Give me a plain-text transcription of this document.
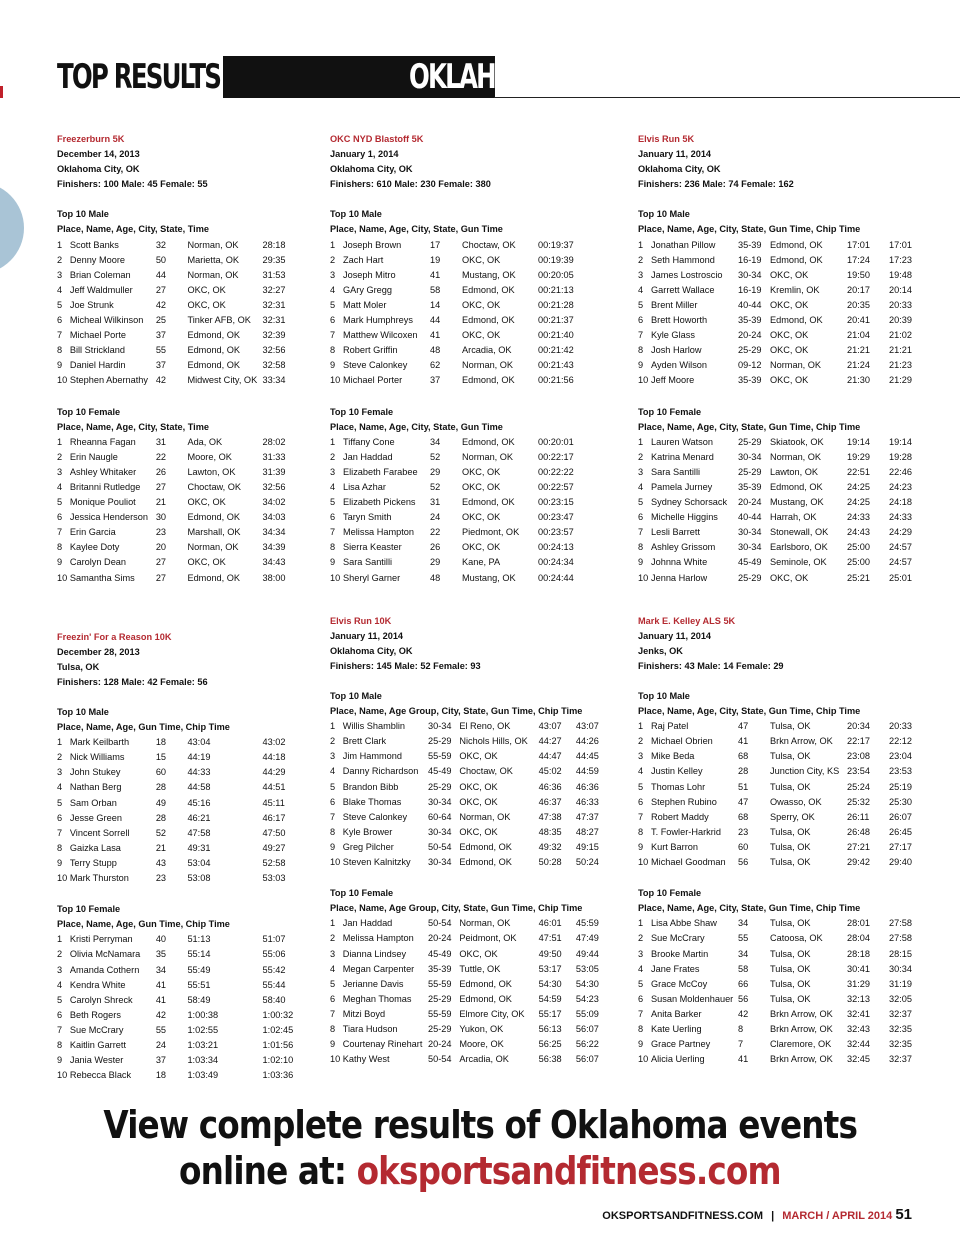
TOP RESULTS	OKLAHOMA EVENTS
Freezerburn 5K
December 14, 2013
Oklahoma City, OK
Finishers: 100 Male: 45 Female: 55
Top 10 Male
Place, Name, Age, City, State, Time
1 Scott Banks	32	Norman, OK	28:18
2 Denny Moore	50	Marietta, OK	29:35
3 Brian Coleman	44	Norman, OK	31:53
4 Jeff Waldmuller	27	OKC, OK	32:27
5 Joe Strunk	42	OKC, OK	32:31
6 Micheal Wilkinson	25	Tinker AFB, OK	32:31
7 Michael Porte	37	Edmond, OK	32:39
8 Bill Strickland	55	Edmond, OK	32:56
9 Daniel Hardin	37	Edmond, OK	32:58
10 Stephen Abernathy 42	Midwest City, OK 33:34
Top 10 Female
Place, Name, Age, City, State, Time
1 Rheanna Fagan	31	Ada, OK	28:02
2 Erin Naugle	22	Moore, OK	31:33
3 Ashley Whitaker	26	Lawton, OK	31:39
4 Britanni Rutledge	27	Choctaw, OK	32:56
5 Monique Pouliot	21	OKC, OK	34:02
6 Jessica Henderson 30	Edmond, OK	34:03
7 Erin Garcia	23	Marshall, OK	34:34
8 Kaylee Doty	20	Norman, OK	34:39
9 Carolyn Dean	27	OKC, OK	34:43
10 Samantha Sims	27	Edmond, OK	38:00
Freezin' For a Reason 10K
December 28, 2013
Tulsa, OK
Finishers: 128 Male: 42 Female: 56
Top 10 Male
Place, Name, Age, Gun Time, Chip Time
1 Mark Keilbarth	18	43:04	43:02
2 Nick Williams	15	44:19	44:18
3 John Stukey	60	44:33	44:29
4 Nathan Berg	28	44:58	44:51
5 Sam Orban	49	45:16	45:11
6 Jesse Green	28	46:21	46:17
7 Vincent Sorrell	52	47:58	47:50
8 Gaizka Lasa	21	49:31	49:27
9 Terry Stupp	43	53:04	52:58
10 Mark Thurston	23	53:08	53:03
Top 10 Female
Place, Name, Age, Gun Time, Chip Time
1 Kristi Perryman	40	51:13	51:07
2 Olivia McNamara	35	55:14	55:06
3 Amanda Cothern	34	55:49	55:42
4 Kendra White	41	55:51	55:44
5 Carolyn Shreck	41	58:49	58:40
6 Beth Rogers	42	1:00:38	1:00:32
7 Sue McCrary	55	1:02:55	1:02:45
8 Kaitlin Garrett	24	1:03:21	1:01:56
9 Jania Wester	37	1:03:34	1:02:10
10 Rebecca Black	18	1:03:49	1:03:36
OKC NYD Blastoff 5K
January 1, 2014
Oklahoma City, OK
Finishers: 610 Male: 230 Female: 380
Top 10 Male
Place, Name, Age, City, State, Gun Time
1 Joseph Brown	17	Choctaw, OK	00:19:37
2 Zach Hart	19	OKC, OK	00:19:39
3 Joseph Mitro	41	Mustang, OK	00:20:05
4 GAry Gregg	58	Edmond, OK	00:21:13
5 Matt Moler	14	OKC, OK	00:21:28
6 Mark Humphreys	44	Edmond, OK	00:21:37
7 Matthew Wilcoxen	41	OKC, OK	00:21:40
8 Robert Griffin	48	Arcadia, OK	00:21:42
9 Steve Calonkey	62	Norman, OK	00:21:43
10 Michael Porter	37	Edmond, OK	00:21:56
Top 10 Female
Place, Name, Age, City, State, Gun Time
1 Tiffany Cone	34	Edmond, OK	00:20:01
2 Jan Haddad	52	Norman, OK	00:22:17
3 Elizabeth Farabee	29	OKC, OK	00:22:22
4 Lisa Azhar	52	OKC, OK	00:22:57
5 Elizabeth Pickens	31	Edmond, OK	00:23:15
6 Taryn Smith	24	OKC, OK	00:23:47
7 Melissa Hampton	22	Piedmont, OK	00:23:57
8 Sierra Keaster	26	OKC, OK	00:24:13
9 Sara Santilli	29	Kane, PA	00:24:34
10 Sheryl Garner	48	Mustang, OK	00:24:44
Elvis Run 10K
January 11, 2014
Oklahoma City, OK
Finishers: 145 Male: 52 Female: 93
Top 10 Male
Place, Name, Age Group, City, State, Gun Time, Chip Time
1 Willis Shamblin	30-34 El Reno, OK	43:07	43:07
2 Brett Clark	25-29 Nichols Hills, OK	44:27	44:26
3 Jim Hammond	55-59 OKC, OK	44:47	44:45
4 Danny Richardson	45-49 Choctaw, OK	45:02	44:59
5 Brandon Bibb	25-29 OKC, OK	46:36	46:36
6 Blake Thomas	30-34 OKC, OK	46:37	46:33
7 Steve Calonkey	60-64 Norman, OK	47:38	47:37
8 Kyle Brower	30-34 OKC, OK	48:35	48:27
9 Greg Pilcher	50-54 Edmond, OK	49:32	49:15
10 Steven Kalnitzky	30-34 Edmond, OK	50:28	50:24
Top 10 Female
Place, Name, Age Group, City, State, Gun Time, Chip Time
1 Jan Haddad	50-54 Norman, OK	46:01	45:59
2 Melissa Hampton	20-24 Peidmont, OK	47:51	47:49
3 Dianna Lindsey	45-49 OKC, OK	49:50	49:44
4 Megan Carpenter	35-39 Tuttle, OK	53:17	53:05
5 Jerianne Davis	55-59 Edmond, OK	54:30	54:30
6 Meghan Thomas	25-29 Edmond, OK	54:59	54:23
7 Mitzi Boyd	55-59 Elmore City, OK	55:17	55:09
8 Tiara Hudson	25-29 Yukon, OK	56:13	56:07
9 Courtenay Rinehart 20-24 Moore, OK	56:25	56:22
10 Kathy West	50-54 Arcadia, OK	56:38	56:07
Elvis Run 5K
January 11, 2014
Oklahoma City, OK
Finishers: 236 Male: 74 Female: 162
Top 10 Male
Place, Name, Age, City, State, Gun Time, Chip Time
1 Jonathan Pillow	35-39 Edmond, OK	17:01	17:01
2 Seth Hammond	16-19 Edmond, OK	17:24	17:23
3 James Lostroscio	30-34 OKC, OK	19:50	19:48
4 Garrett Wallace	16-19 Kremlin, OK	20:17	20:14
5 Brent Miller	40-44 OKC, OK	20:35	20:33
6 Brett Howorth	35-39 Edmond, OK	20:41	20:39
7 Kyle Glass	20-24 OKC, OK	21:04	21:02
8 Josh Harlow	25-29 OKC, OK	21:21	21:21
9 Ayden Wilson	09-12 Norman, OK	21:24	21:23
10 Jeff Moore	35-39 OKC, OK	21:30	21:29
Top 10 Female
Place, Name, Age, City, State, Gun Time, Chip Time
1 Lauren Watson	25-29 Skiatook, OK	19:14	19:14
2 Katrina Menard	30-34 Norman, OK	19:29	19:28
3 Sara Santilli	25-29 Lawton, OK	22:51	22:46
4 Pamela Jurney	35-39 Edmond, OK	24:25	24:23
5 Sydney Schorsack	20-24 Mustang, OK	24:25	24:18
6 Michelle Higgins	40-44 Harrah, OK	24:33	24:33
7 Lesli Barrett	30-34 Stonewall, OK	24:43	24:29
8 Ashley Grissom	30-34 Earlsboro, OK	25:00	24:57
9 Johnna White	45-49 Seminole, OK	25:00	24:57
10 Jenna Harlow	25-29 OKC, OK	25:21	25:01
Mark E. Kelley ALS 5K
January 11, 2014
Jenks, OK
Finishers: 43 Male: 14 Female: 29
Top 10 Male
Place, Name, Age, City, State, Gun Time, Chip Time
1 Raj Patel	47	Tulsa, OK	20:34	20:33
2 Michael Obrien	41	Brkn Arrow, OK	22:17	22:12
3 Mike Beda	68	Tulsa, OK	23:08	23:04
4 Justin Kelley	28	Junction City, KS 23:54	23:53
5 Thomas Lohr	51	Tulsa, OK	25:24	25:19
6 Stephen Rubino	47	Owasso, OK	25:32	25:30
7 Robert Maddy	68	Sperry, OK	26:11	26:07
8 T. Fowler-Harkrid	23	Tulsa, OK	26:48	26:45
9 Kurt Barron	60	Tulsa, OK	27:21	27:17
10 Michael Goodman	56	Tulsa, OK	29:42	29:40
Top 10 Female
Place, Name, Age, City, State, Gun Time, Chip Time
1 Lisa Abbe Shaw	34	Tulsa, OK	28:01	27:58
2 Sue McCrary	55	Catoosa, OK	28:04	27:58
3 Brooke Martin	34	Tulsa, OK	28:18	28:15
4 Jane Frates	58	Tulsa, OK	30:41	30:34
5 Grace McCoy	66	Tulsa, OK	31:29	31:19
6 Susan Moldenhauer 56	Tulsa, OK	32:13	32:05
7 Anita Barker	42	Brkn Arrow, OK	32:41	32:37
8 Kate Uerling	8	Brkn Arrow, OK	32:43	32:35
9 Grace Partney	7	Claremore, OK	32:44	32:35
10 Alicia Uerling	41	Brkn Arrow, OK	32:45	32:37
View complete results of Oklahoma events
online at: oksportsandfitness.com
OKSPORTSANDFITNESS.COM | MARCH / APRIL 2014 51
